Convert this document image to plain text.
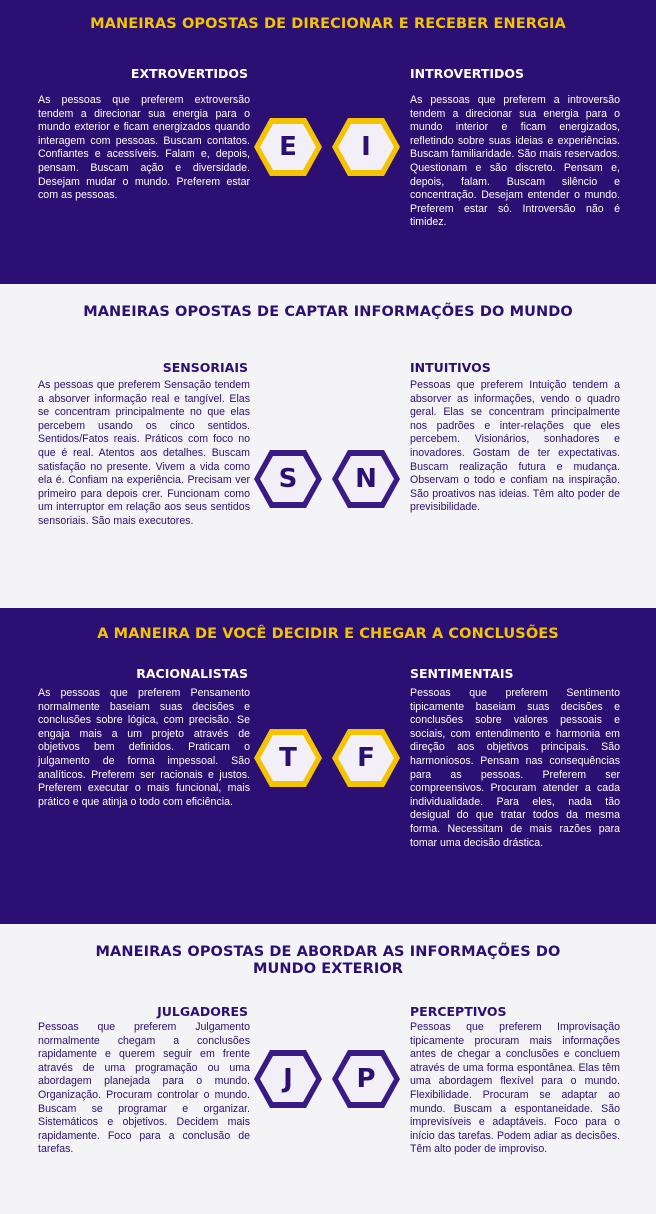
MANEIRAS OPOSTAS DE DIRECIONAR E RECEBER ENERGIA
EXTROVERTIDOS

As pessoas que preferem extroversão tendem a direcionar sua energia para o mundo exterior e ficam energizados quando interagem com pessoas. Buscam contatos. Confiantes e acessíveis. Falam e, depois, pensam. Buscam ação e diversidade. Desejam mudar o mundo. Preferem estar com as pessoas.

E	I
INTROVERTIDOS

As pessoas que preferem a introversão tendem a direcionar sua energia para o mundo interior e ficam energizados, refletindo sobre suas ideias e experiências. Buscam familiaridade. São mais reservados. Questionam e são discreto. Pensam e, depois, falam. Buscam silêncio e concentração. Desejam entender o mundo. Preferem estar só. Introversão não é timidez.

MANEIRAS OPOSTAS DE CAPTAR INFORMAÇÕES DO MUNDO
SENSORIAIS

As pessoas que preferem Sensação tendem a absorver informação real e tangível. Elas se concentram principalmente no que elas percebem usando os cinco sentidos. Sentidos/Fatos reais. Práticos com foco no que é real. Atentos aos detalhes. Buscam satisfação no presente. Vivem a vida como ela é. Confiam na experiência. Precisam ver primeiro para depois crer. Funcionam como um interruptor em relação aos seus sentidos sensoriais. São mais executores.

S	N
INTUITIVOS

Pessoas que preferem Intuição tendem a absorver as informações, vendo o quadro geral. Elas se concentram principalmente nos padrões e inter-relações que eles percebem. Visionários, sonhadores e inovadores. Gostam de ter expectativas. Buscam realização futura e mudança. Observam o todo e confiam na inspiração. São proativos nas ideias. Têm alto poder de previsibilidade.

A MANEIRA DE VOCÊ DECIDIR E CHEGAR A CONCLUSÕES
RACIONALISTAS

As pessoas que preferem Pensamento normalmente baseiam suas decisões e conclusões sobre lógica, com precisão. Se engaja mais a um projeto através de objetivos bem definidos. Praticam o julgamento de forma impessoal. São analíticos. Preferem ser racionais e justos. Preferem executar o mais funcional, mais prático e que atinja o todo com eficiência.

T	F
SENTIMENTAIS

Pessoas que preferem Sentimento tipicamente baseiam suas decisões e conclusões sobre valores pessoais e sociais, com entendimento e harmonia em direção aos objetivos principais. São harmoniosos. Pensam nas consequências para as pessoas. Preferem ser compreensivos. Procuram atender a cada individualidade. Para eles, nada tão desigual do que tratar todos da mesma forma. Necessitam de mais razões para tomar uma decisão drástica.

MANEIRAS OPOSTAS DE ABORDAR AS INFORMAÇÕES DO MUNDO EXTERIOR
JULGADORES

Pessoas que preferem Julgamento normalmente chegam a conclusões rapidamente e querem seguir em frente através de uma programação ou uma abordagem planejada para o mundo. Organização. Procuram controlar o mundo. Buscam se programar e organizar. Sistemáticos e objetivos. Decidem mais rapidamente. Foco para a conclusão de tarefas.

J	P
PERCEPTIVOS

Pessoas que preferem Improvisação tipicamente procuram mais informações antes de chegar a conclusões e concluem através de uma forma espontânea. Elas têm uma abordagem flexível para o mundo. Flexibilidade. Procuram se adaptar ao mundo. Buscam a espontaneidade. São imprevisíveis e adaptáveis. Foco para o início das tarefas. Podem adiar as decisões. Têm alto poder de improviso.
